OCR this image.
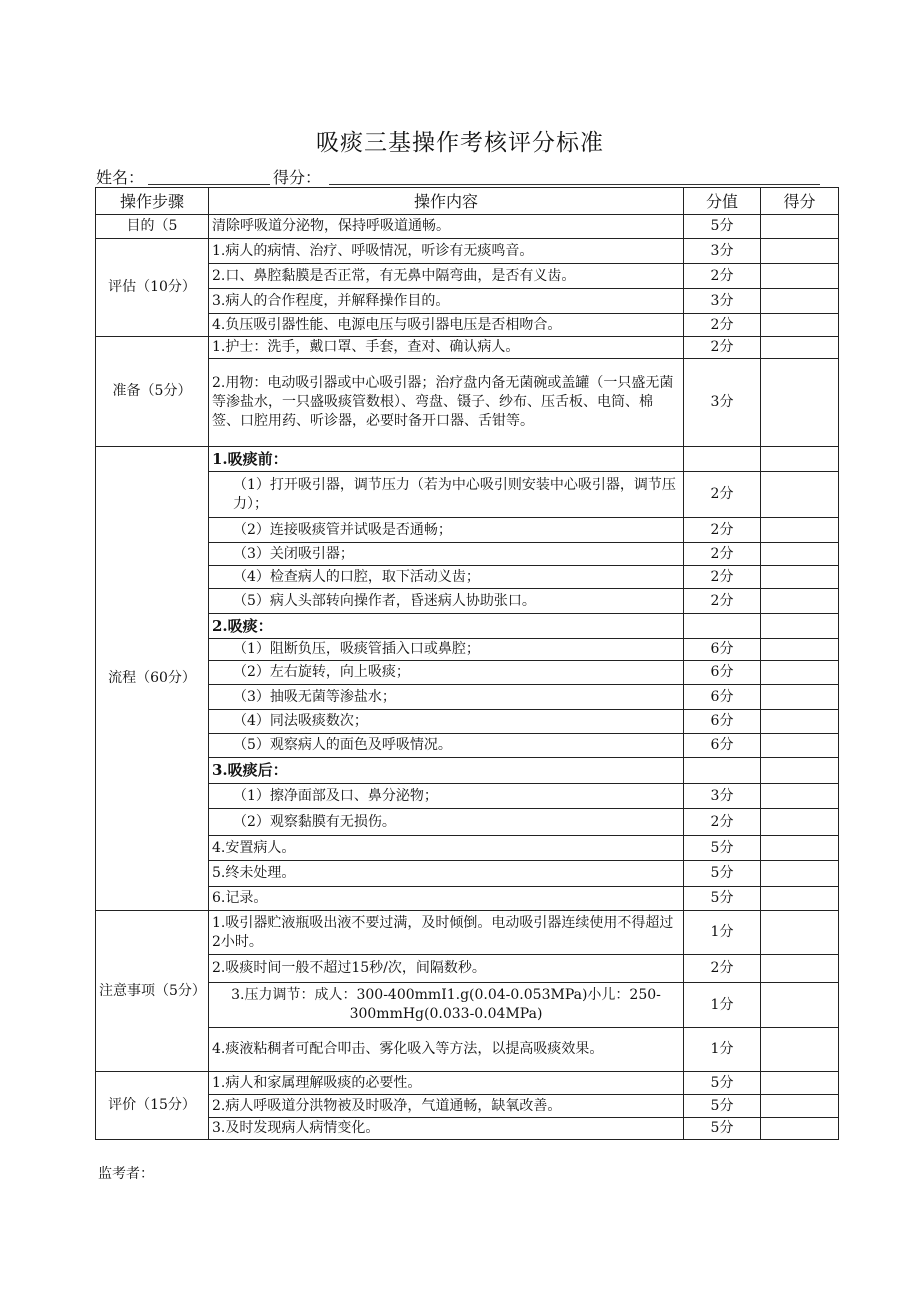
吸痰三基操作考核评分标准
姓名：	得分：
操作步骤	操作内容	分值	得分
目的（5	清除呼吸道分泌物，保持呼吸道通畅。	5分	
评估（10分）	1.病人的病情、治疗、呼吸情况，听诊有无痰鸣音。	3分	
	2.口、鼻腔黏膜是否正常，有无鼻中隔弯曲，是否有义齿。	2分	
	3.病人的合作程度，并解释操作目的。	3分	
	4.负压吸引器性能、电源电压与吸引器电压是否相吻合。	2分	
准备（5分）	1.护士：洗手，戴口罩、手套，查对、确认病人。	2分	
	2.用物：电动吸引器或中心吸引器；治疗盘内备无菌碗或盖罐（一只盛无菌等渗盐水，一只盛吸痰管数根）、弯盘、镊子、纱布、压舌板、电筒、棉签、口腔用药、听诊器，必要时备开口器、舌钳等。	3分	
流程（60分）	1.吸痰前：		
	（1）打开吸引器，调节压力（若为中心吸引则安装中心吸引器，调节压力）；	2分	
	（2）连接吸痰管并试吸是否通畅；	2分	
	（3）关闭吸引器；	2分	
	（4）检查病人的口腔，取下活动义齿；	2分	
	（5）病人头部转向操作者，昏迷病人协助张口。	2分	
	2.吸痰：		
	（1）阻断负压，吸痰管插入口或鼻腔；	6分	
	（2）左右旋转，向上吸痰；	6分	
	（3）抽吸无菌等渗盐水；	6分	
	（4）同法吸痰数次；	6分	
	（5）观察病人的面色及呼吸情况。	6分	
	3.吸痰后：		
	（1）擦净面部及口、鼻分泌物；	3分	
	（2）观察黏膜有无损伤。	2分	
	4.安置病人。	5分	
	5.终未处理。	5分	
	6.记录。	5分	
注意事项（5分）	1.吸引器贮液瓶吸出液不要过满，及时倾倒。电动吸引器连续使用不得超过2小时。	1分	
	2.吸痰时间一般不超过15秒/次，间隔数秒。	2分	
	3.压力调节：成人：300-400mmI1.g(0.04-0.053MPa)小儿：250-300mmHg(0.033-0.04MPa)	1分	
	4.痰液粘稠者可配合叩击、雾化吸入等方法，以提高吸痰效果。	1分	
评价（15分）	1.病人和家属理解吸痰的必要性。	5分	
	2.病人呼吸道分洪物被及时吸净，气道通畅，缺氧改善。	5分	
	3.及时发现病人病情变化。	5分	
监考者：
